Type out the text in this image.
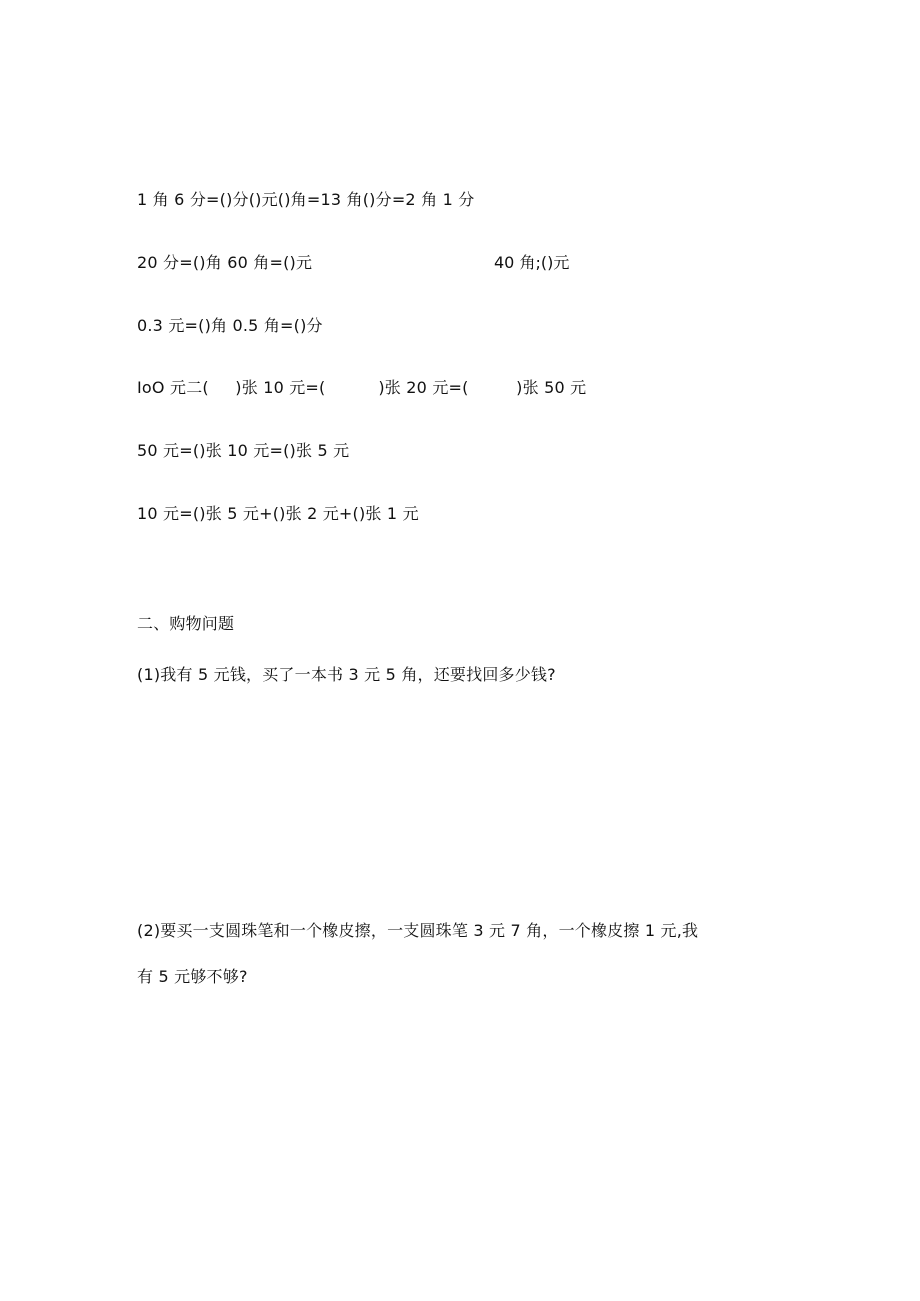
1 角 6 分=()分()元()角=13 角()分=2 角 1 分
20 分=()角 60 角=()元	40 角;()元
0.3 元=()角 0.5 角=()分
IoO 元二(     )张 10 元=(          )张 20 元=(         )张 50 元
50 元=()张 10 元=()张 5 元
10 元=()张 5 元+()张 2 元+()张 1 元
二、购物问题
(1)我有 5 元钱，买了一本书 3 元 5 角，还要找回多少钱?
(2)要买一支圆珠笔和一个橡皮擦，一支圆珠笔 3 元 7 角，一个橡皮擦 1 元,我
有 5 元够不够?
